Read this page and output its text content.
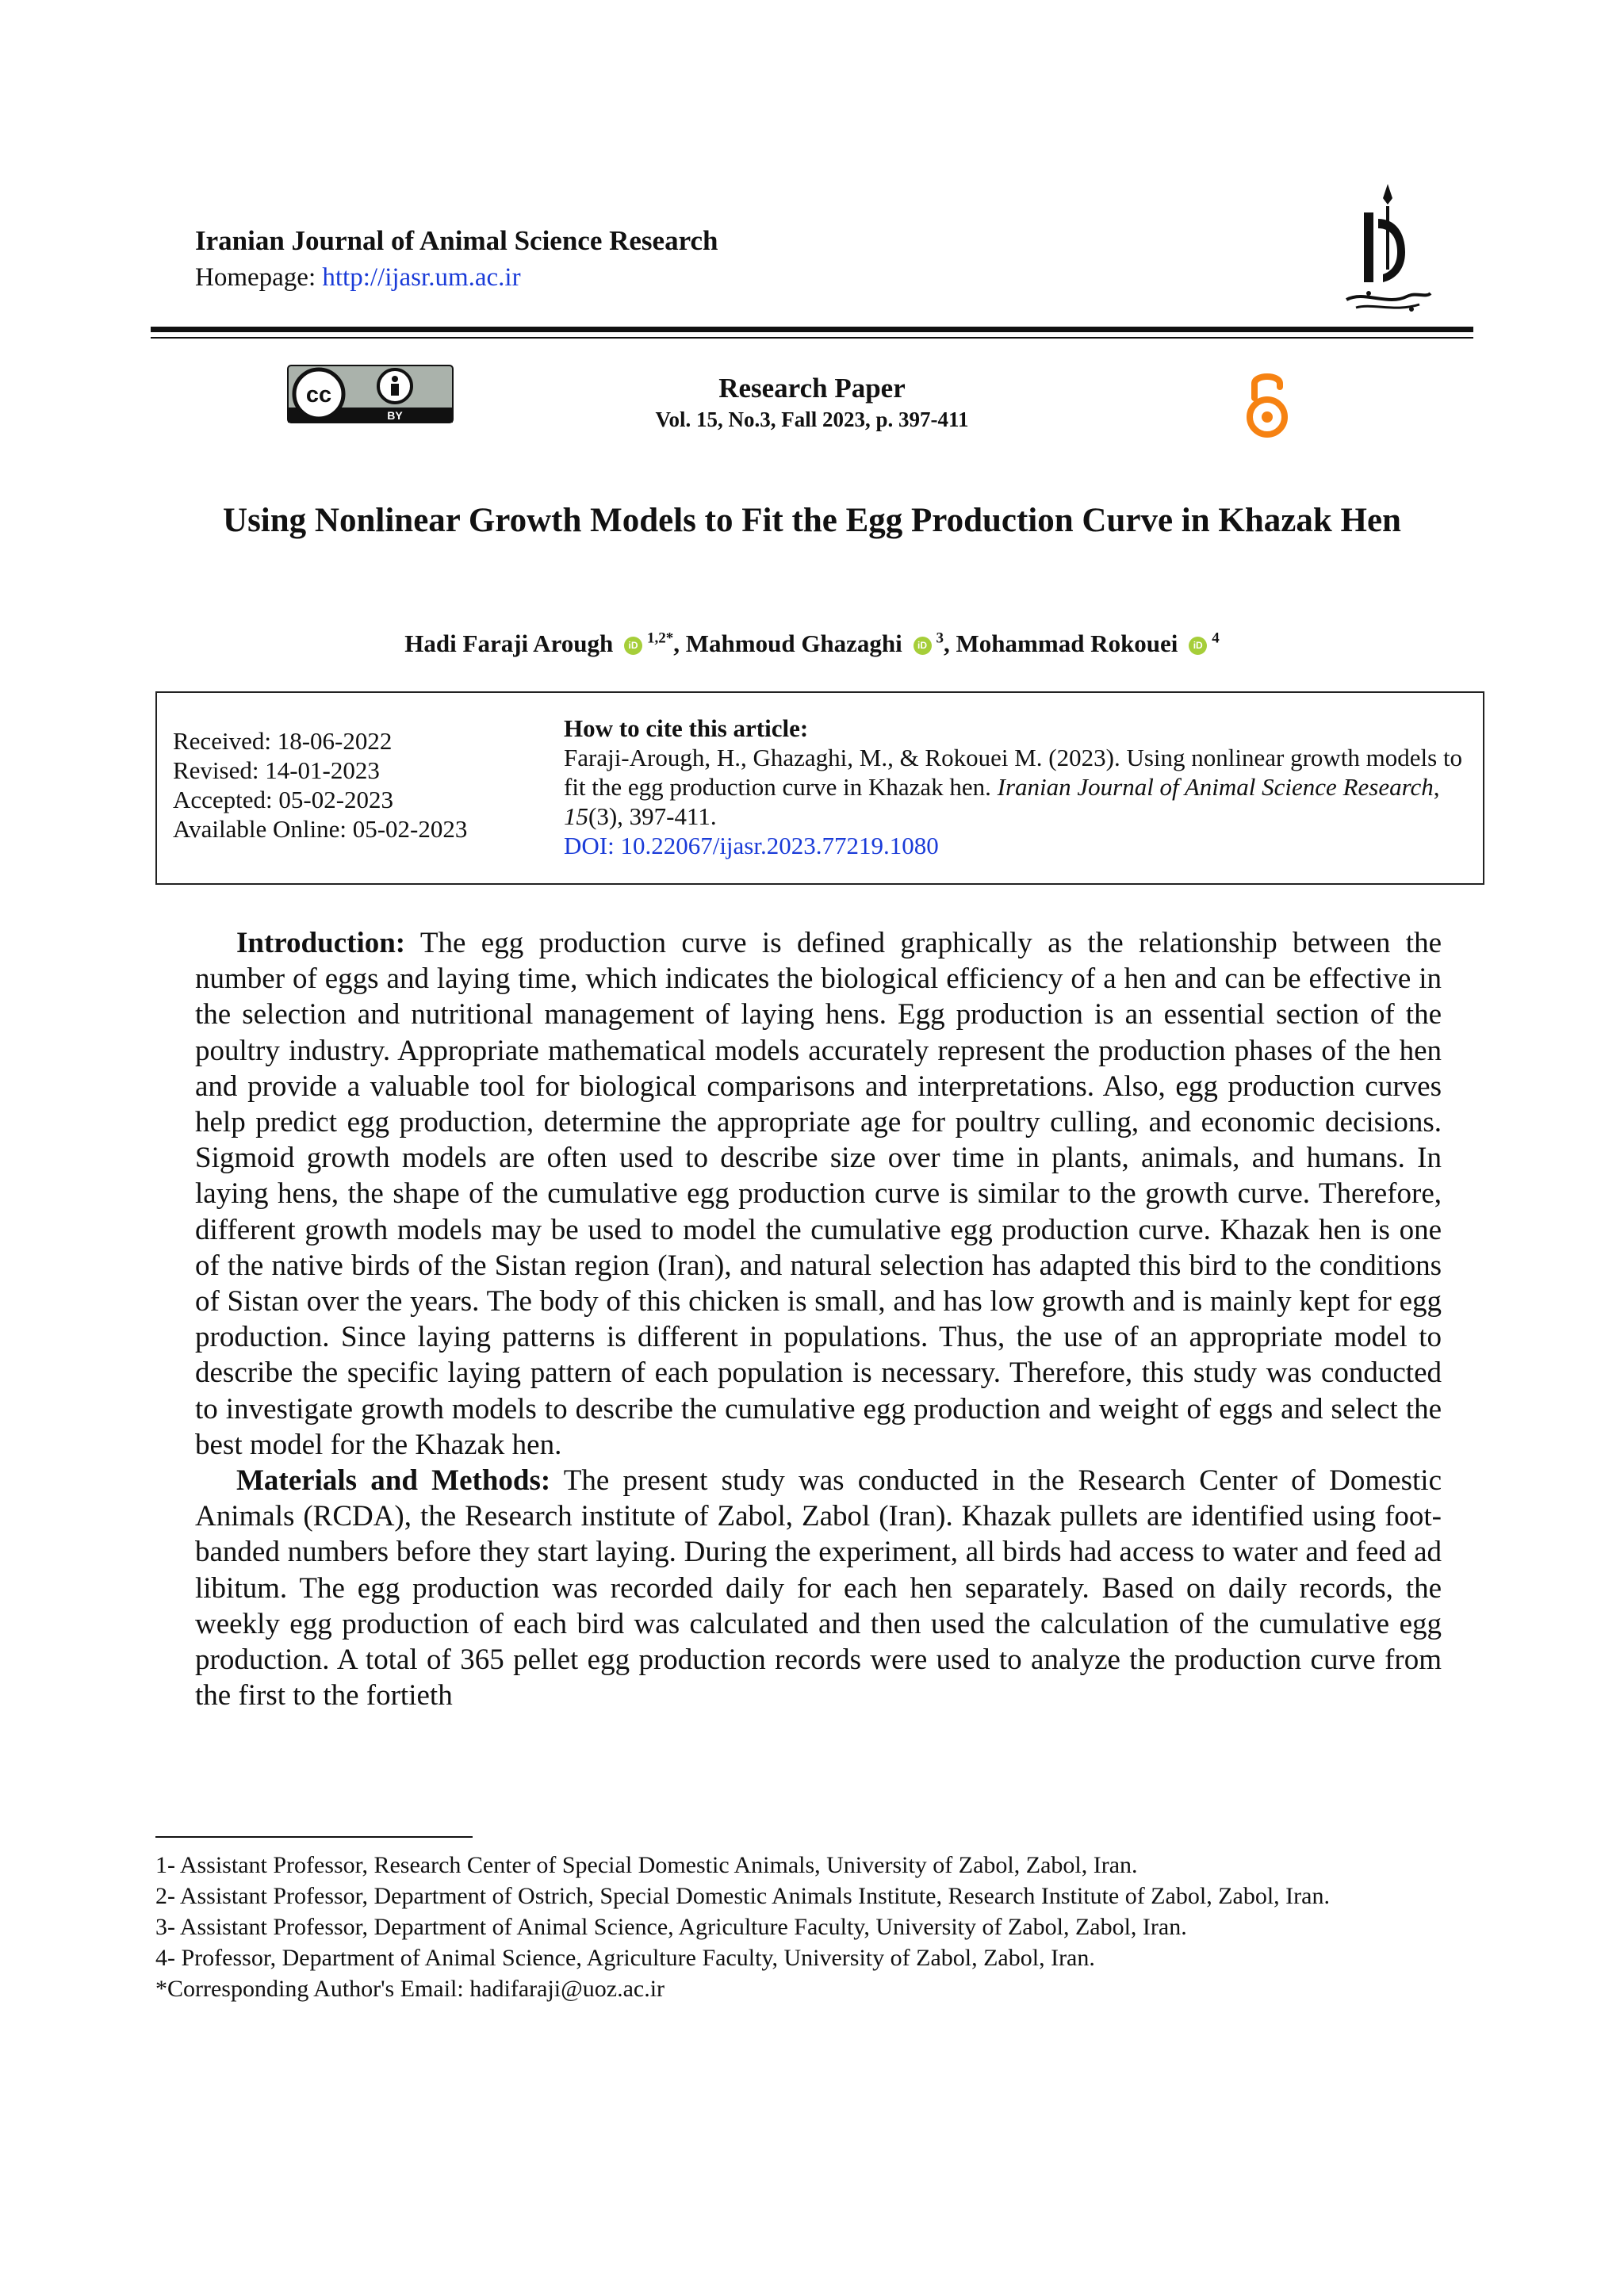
Iranian Journal of Animal Science Research
Homepage: http://ijasr.um.ac.ir
cc
BY
Research Paper
Vol. 15, No.3, Fall 2023, p. 397-411
Using Nonlinear Growth Models to Fit the Egg Production Curve in Khazak Hen
Hadi Faraji Arough iD $^{1,2*}$, Mahmoud Ghazaghi iD $^3$, Mohammad Rokouei iD $^4$
Received: 18-06-2022
Revised: 14-01-2023
Accepted: 05-02-2023
Available Online: 05-02-2023
How to cite this article:
Faraji-Arough, H., Ghazaghi, M., & Rokouei M. (2023). Using nonlinear growth models to fit the egg production curve in Khazak hen. Iranian Journal of Animal Science Research, 15(3), 397-411.
DOI: 10.22067/ijasr.2023.77219.1080

Introduction: The egg production curve is defined graphically as the relationship between the number of eggs and laying time, which indicates the biological efficiency of a hen and can be effective in the selection and nutritional management of laying hens. Egg production is an essential section of the poultry industry. Appropriate mathematical models accurately represent the production phases of the hen and provide a valuable tool for biological comparisons and interpretations. Also, egg production curves help predict egg production, determine the appropriate age for poultry culling, and economic decisions. Sigmoid growth models are often used to describe size over time in plants, animals, and humans. In laying hens, the shape of the cumulative egg production curve is similar to the growth curve. Therefore, different growth models may be used to model the cumulative egg production curve. Khazak hen is one of the native birds of the Sistan region (Iran), and natural selection has adapted this bird to the conditions of Sistan over the years. The body of this chicken is small, and has low growth and is mainly kept for egg production. Since laying patterns is different in populations. Thus, the use of an appropriate model to describe the specific laying pattern of each population is necessary. Therefore, this study was conducted to investigate growth models to describe the cumulative egg production and weight of eggs and select the best model for the Khazak hen.

Materials and Methods: The present study was conducted in the Research Center of Domestic Animals (RCDA), the Research institute of Zabol, Zabol (Iran). Khazak pullets are identified using foot-banded numbers before they start laying. During the experiment, all birds had access to water and feed ad libitum. The egg production was recorded daily for each hen separately. Based on daily records, the weekly egg production of each bird was calculated and then used the calculation of the cumulative egg production. A total of 365 pellet egg production records were used to analyze the production curve from the first to the fortieth

1- Assistant Professor, Research Center of Special Domestic Animals, University of Zabol, Zabol, Iran.
2- Assistant Professor, Department of Ostrich, Special Domestic Animals Institute, Research Institute of Zabol, Zabol, Iran.
3- Assistant Professor, Department of Animal Science, Agriculture Faculty, University of Zabol, Zabol, Iran.
4- Professor, Department of Animal Science, Agriculture Faculty, University of Zabol, Zabol, Iran.
*Corresponding Author's Email: hadifaraji@uoz.ac.ir
